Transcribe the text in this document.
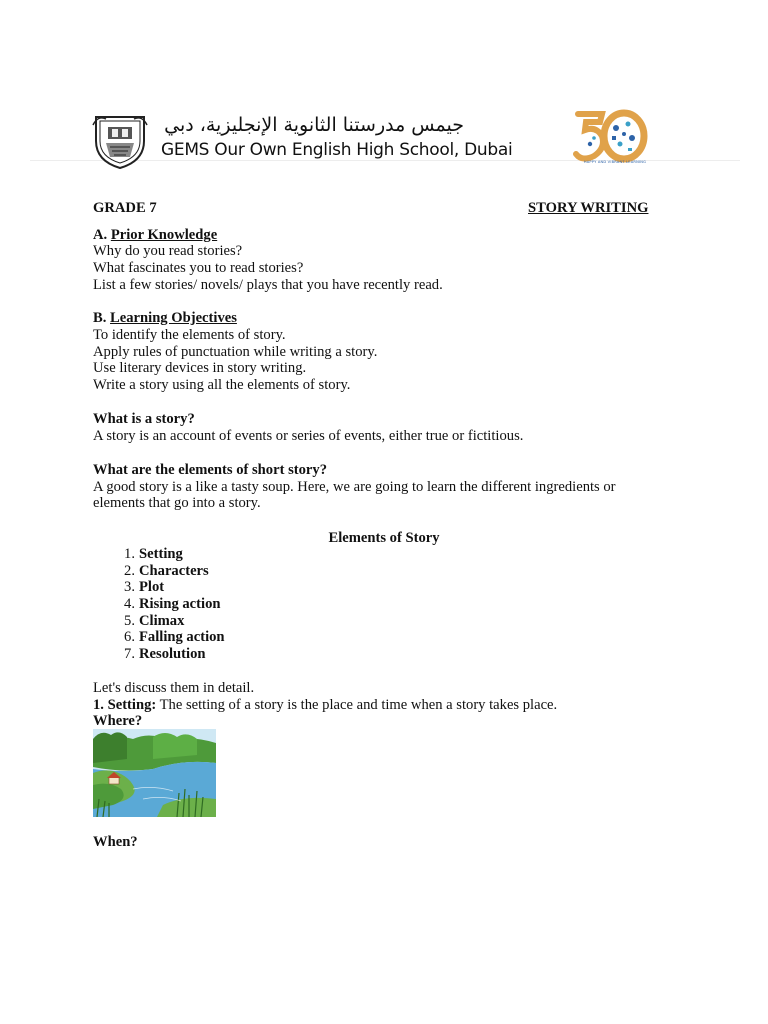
جيمس مدرستنا الثانوية الإنجليزية، دبي
GEMS Our Own English High School, Dubai	50
HAPPY AND VIBRANT LEARNING
GRADE 7	STORY WRITING
A. Prior Knowledge
Why do you read stories?
What fascinates you to read stories?
List a few stories/ novels/ plays that you have recently read.
B. Learning Objectives
To identify the elements of story.
Apply rules of punctuation while writing a story.
Use literary devices in story writing.
Write a story using all the elements of story.
What is a story?
A story is an account of events or series of events, either true or fictitious.
What are the elements of short story?
A good story is a like a tasty soup. Here, we are going to learn the different ingredients or
elements that go into a story.
Elements of Story
1. Setting
2. Characters
3. Plot
4. Rising action
5. Climax
6. Falling action
7. Resolution
Let's discuss them in detail.
1. Setting: The setting of a story is the place and time when a story takes place.
Where?
When?
